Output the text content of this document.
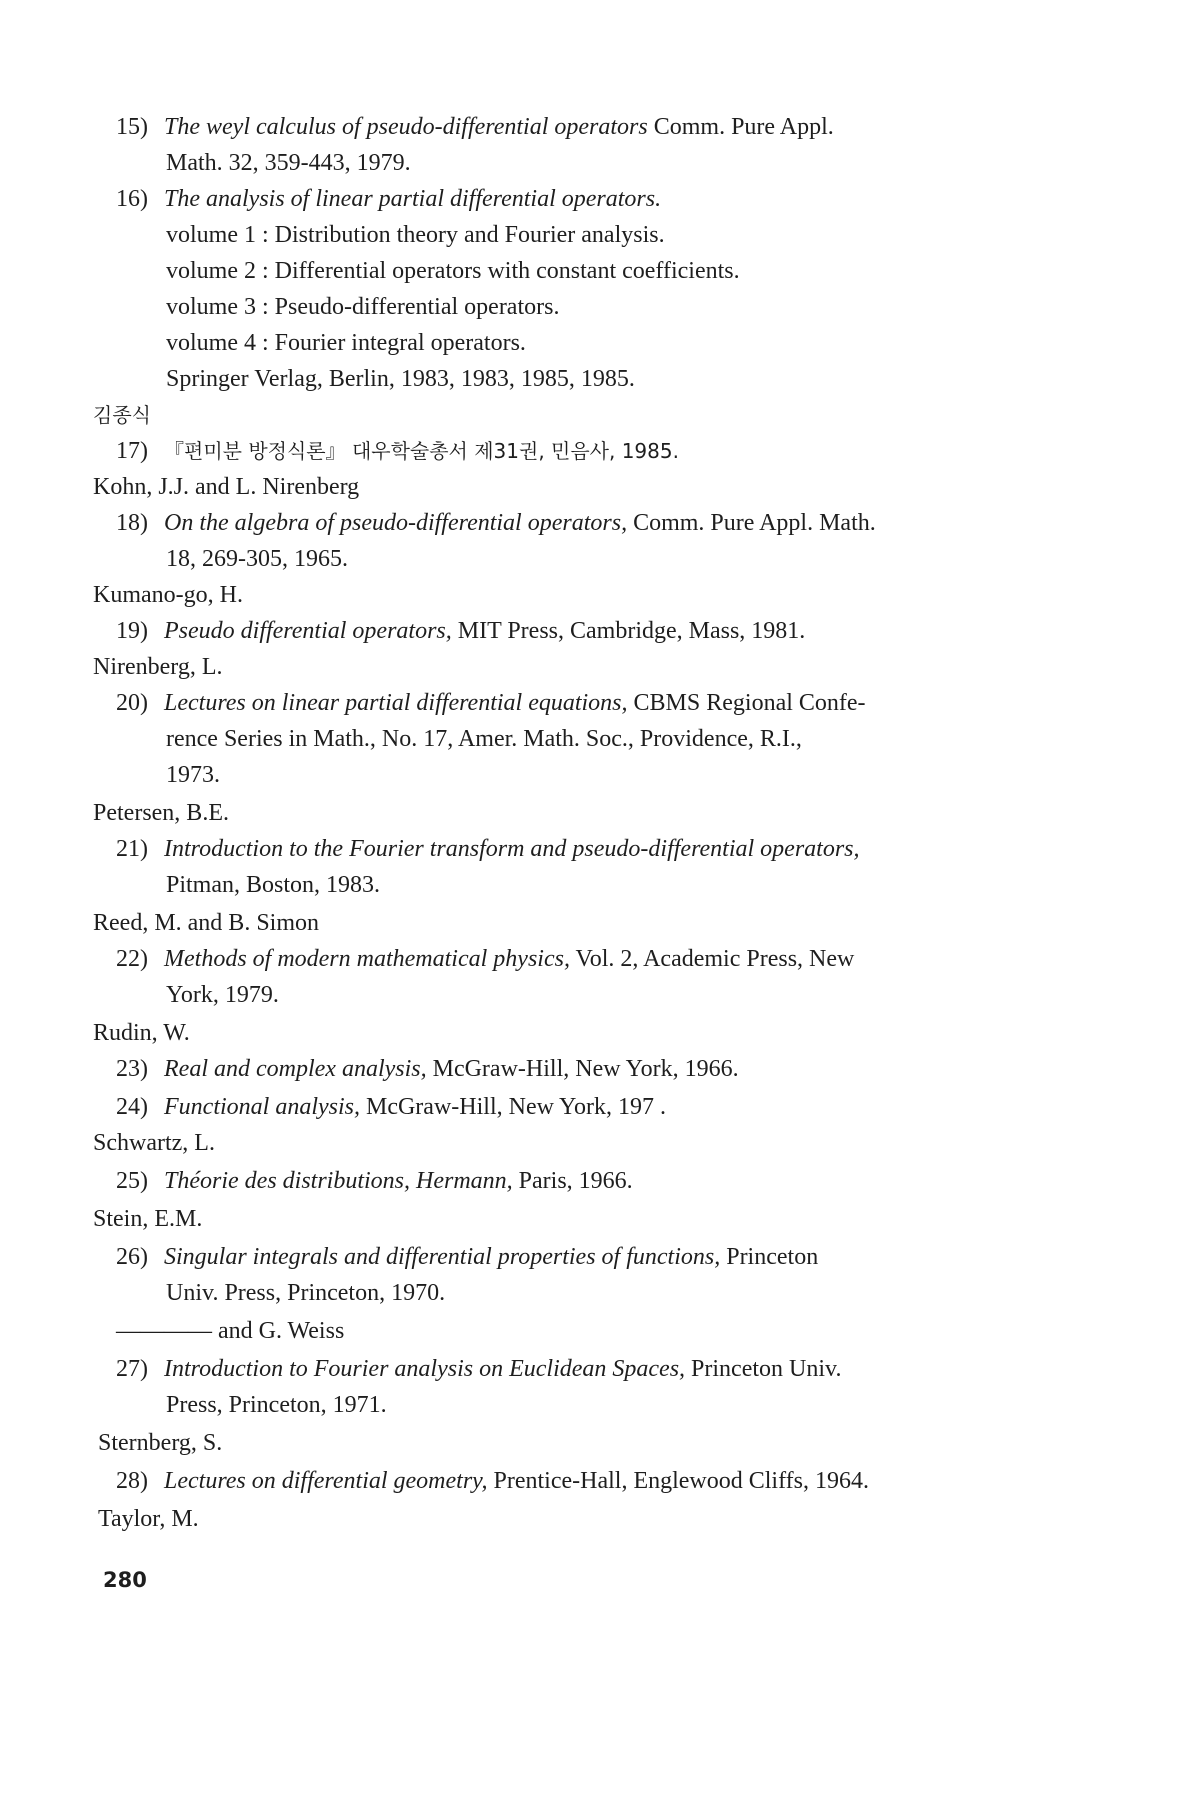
15) The weyl calculus of pseudo-differential operators Comm. Pure Appl.
Math. 32, 359-443, 1979.
16) The analysis of linear partial differential operators.
volume 1 : Distribution theory and Fourier analysis.
volume 2 : Differential operators with constant coefficients.
volume 3 : Pseudo-differential operators.
volume 4 : Fourier integral operators.
Springer Verlag, Berlin, 1983, 1983, 1985, 1985.
김종식
17) 『편미분 방정식론』 대우학술총서 제31권, 민음사, 1985.
Kohn, J.J. and L. Nirenberg
18) On the algebra of pseudo-differential operators, Comm. Pure Appl. Math.
18, 269-305, 1965.
Kumano-go, H.
19) Pseudo differential operators, MIT Press, Cambridge, Mass, 1981.
Nirenberg, L.
20) Lectures on linear partial differential equations, CBMS Regional Confe-
rence Series in Math., No. 17, Amer. Math. Soc., Providence, R.I.,
1973.
Petersen, B.E.
21) Introduction to the Fourier transform and pseudo-differential operators,
Pitman, Boston, 1983.
Reed, M. and B. Simon
22) Methods of modern mathematical physics, Vol. 2, Academic Press, New
York, 1979.
Rudin, W.
23) Real and complex analysis, McGraw-Hill, New York, 1966.
24) Functional analysis, McGraw-Hill, New York, 197 .
Schwartz, L.
25) Théorie des distributions, Hermann, Paris, 1966.
Stein, E.M.
26) Singular integrals and differential properties of functions, Princeton
Univ. Press, Princeton, 1970.
———— and G. Weiss
27) Introduction to Fourier analysis on Euclidean Spaces, Princeton Univ.
Press, Princeton, 1971.
Sternberg, S.
28) Lectures on differential geometry, Prentice-Hall, Englewood Cliffs, 1964.
Taylor, M.
280
